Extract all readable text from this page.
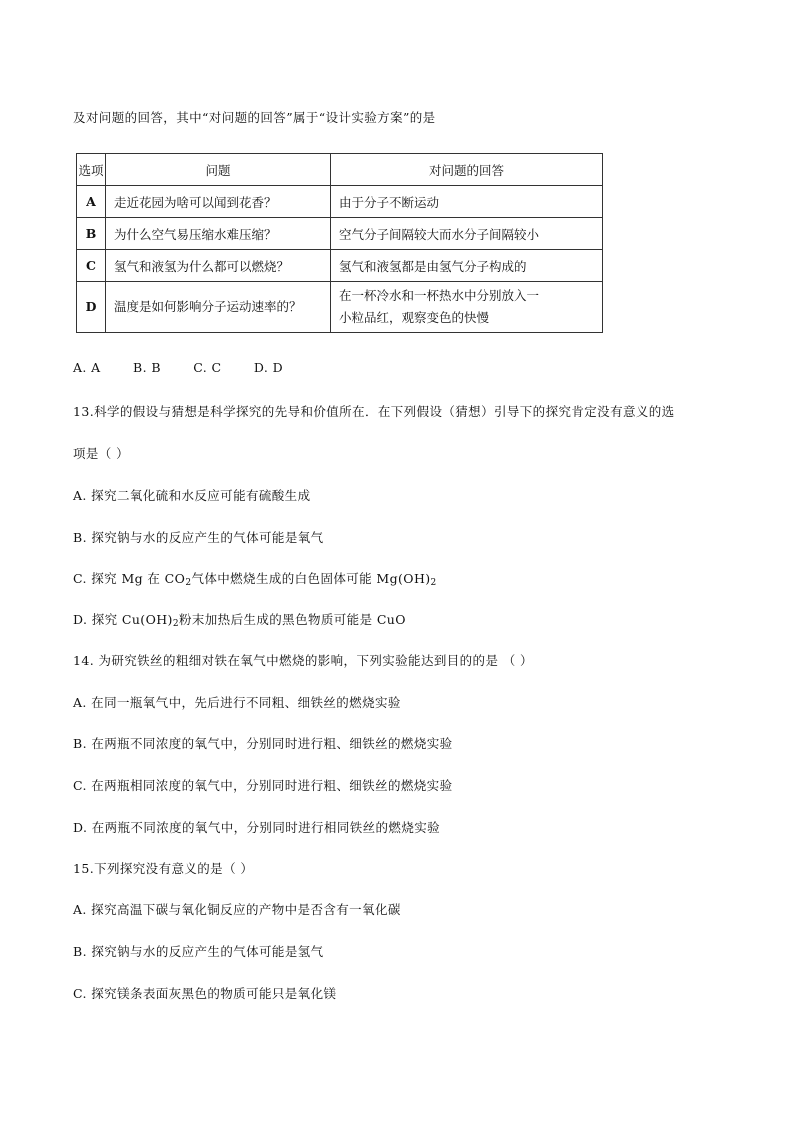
及对问题的回答，其中“对问题的回答”属于“设计实验方案”的是
选项	问题	对问题的回答
A	走近花园为啥可以闻到花香？	由于分子不断运动
B	为什么空气易压缩水难压缩？	空气分子间隔较大而水分子间隔较小
C	氢气和液氢为什么都可以燃烧？	氢气和液氢都是由氢气分子构成的
D	温度是如何影响分子运动速率的？	在一杯冷水和一杯热水中分别放入一
小粒品红，观察变色的快慢
A. A	B. B	C. C	D. D
13.科学的假设与猜想是科学探究的先导和价值所在．在下列假设（猜想）引导下的探究肯定没有意义的选
项是（ ）
A. 探究二氧化硫和水反应可能有硫酸生成
B. 探究钠与水的反应产生的气体可能是氧气
C. 探究 Mg 在 $CO_2$气体中燃烧生成的白色固体可能 $Mg(OH)_2$
D. 探究 $Cu(OH)_2$粉末加热后生成的黑色物质可能是 CuO
14. 为研究铁丝的粗细对铁在氧气中燃烧的影响，下列实验能达到目的的是 （ ）
A. 在同一瓶氧气中，先后进行不同粗、细铁丝的燃烧实验
B. 在两瓶不同浓度的氧气中，分别同时进行粗、细铁丝的燃烧实验
C. 在两瓶相同浓度的氧气中，分别同时进行粗、细铁丝的燃烧实验
D. 在两瓶不同浓度的氧气中，分别同时进行相同铁丝的燃烧实验
15.下列探究没有意义的是（ ）
A. 探究高温下碳与氧化铜反应的产物中是否含有一氧化碳
B. 探究钠与水的反应产生的气体可能是氢气
C. 探究镁条表面灰黑色的物质可能只是氧化镁
